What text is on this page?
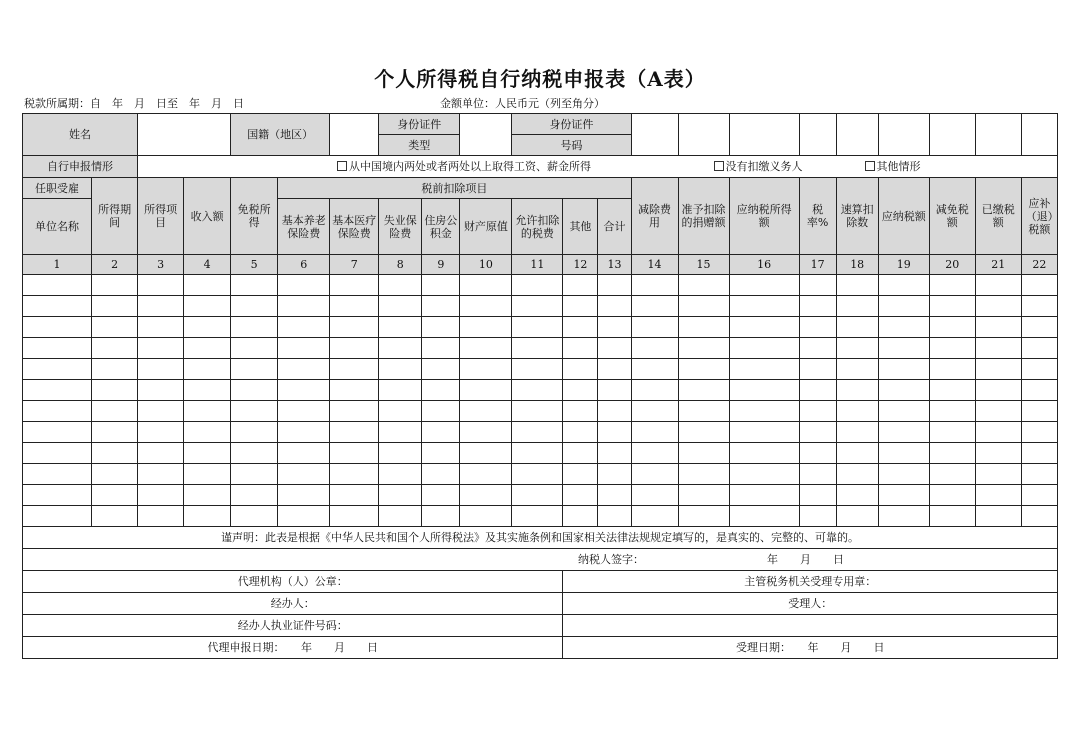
个人所得税自行纳税申报表（A表）
税款所属期：自　年　月　日至　年　月　日	金额单位：人民币元（列至角分）
姓名				国籍（地区）			身份证件			身份证件											
							类型			号码											
自行申报情形		从中国境内两处或者两处以上取得工资、薪金所得 没有扣缴义务人 其他情形																			
任职受雇	所得期间	所得项目	收入额	免税所得	税前扣除项目								减除费用	准予扣除的捐赠额	应纳税所得额	税率%	速算扣除数	应纳税额	减免税额	已缴税额	应补（退）税额
单位名称					基本养老保险费	基本医疗保险费	失业保险费	住房公积金	财产原值	允许扣除的税费	其他	合计									
1	2	3	4	5	6	7	8	9	10	11	12	13	14	15	16	17	18	19	20	21	22

谨声明：此表是根据《中华人民共和国个人所得税法》及其实施条例和国家相关法律法规规定填写的，是真实的、完整的、可靠的。																					
纳税人签字： 年　　月　　日																					
代理机构（人）公章：											主管税务机关受理专用章：										
经办人：											受理人：										
经办人执业证件号码：																					
代理申报日期：　　年　　月　　日											受理日期：　　年　　月　　日										
